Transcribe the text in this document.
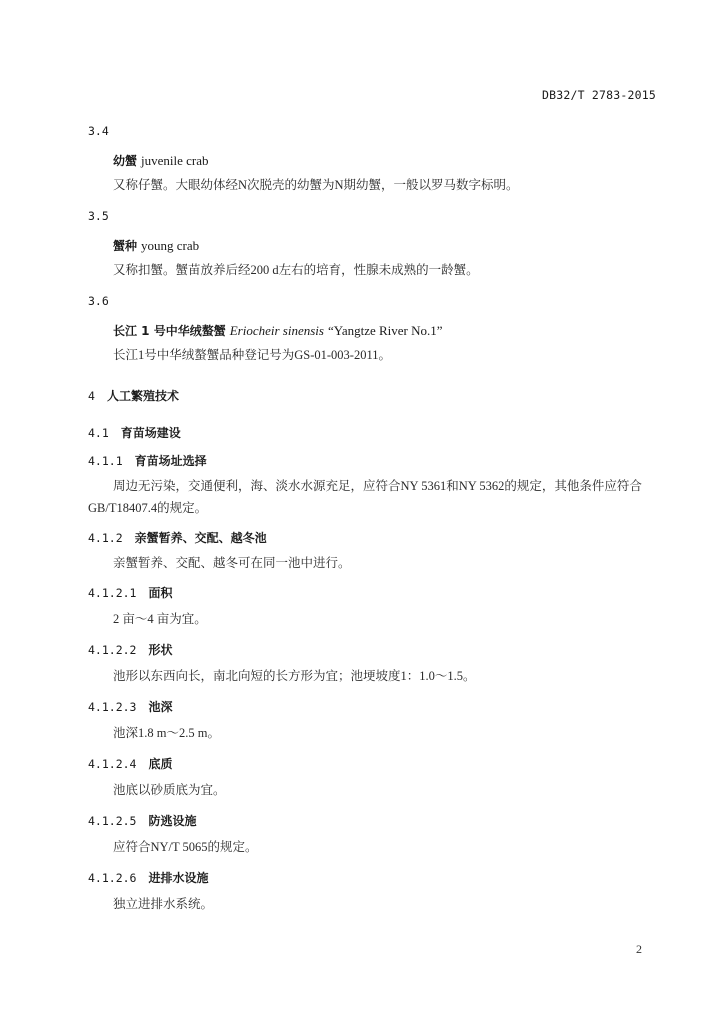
DB32/T 2783-2015
3.4
幼蟹 juvenile crab
又称仔蟹。大眼幼体经N次脱壳的幼蟹为N期幼蟹，一般以罗马数字标明。
3.5
蟹种 young crab
又称扣蟹。蟹苗放养后经200 d左右的培育，性腺未成熟的一龄蟹。
3.6
长江 1 号中华绒螯蟹 Eriocheir sinensis “Yangtze River No.1”
长江1号中华绒螯蟹品种登记号为GS-01-003-2011。
4 人工繁殖技术
4.1 育苗场建设
4.1.1 育苗场址选择
周边无污染，交通便利，海、淡水水源充足，应符合NY 5361和NY 5362的规定，其他条件应符合GB/T18407.4的规定。
4.1.2 亲蟹暂养、交配、越冬池
亲蟹暂养、交配、越冬可在同一池中进行。
4.1.2.1 面积
2 亩～4 亩为宜。
4.1.2.2 形状
池形以东西向长，南北向短的长方形为宜；池埂坡度1：1.0～1.5。
4.1.2.3 池深
池深1.8 m～2.5 m。
4.1.2.4 底质
池底以砂质底为宜。
4.1.2.5 防逃设施
应符合NY/T 5065的规定。
4.1.2.6 进排水设施
独立进排水系统。
2
